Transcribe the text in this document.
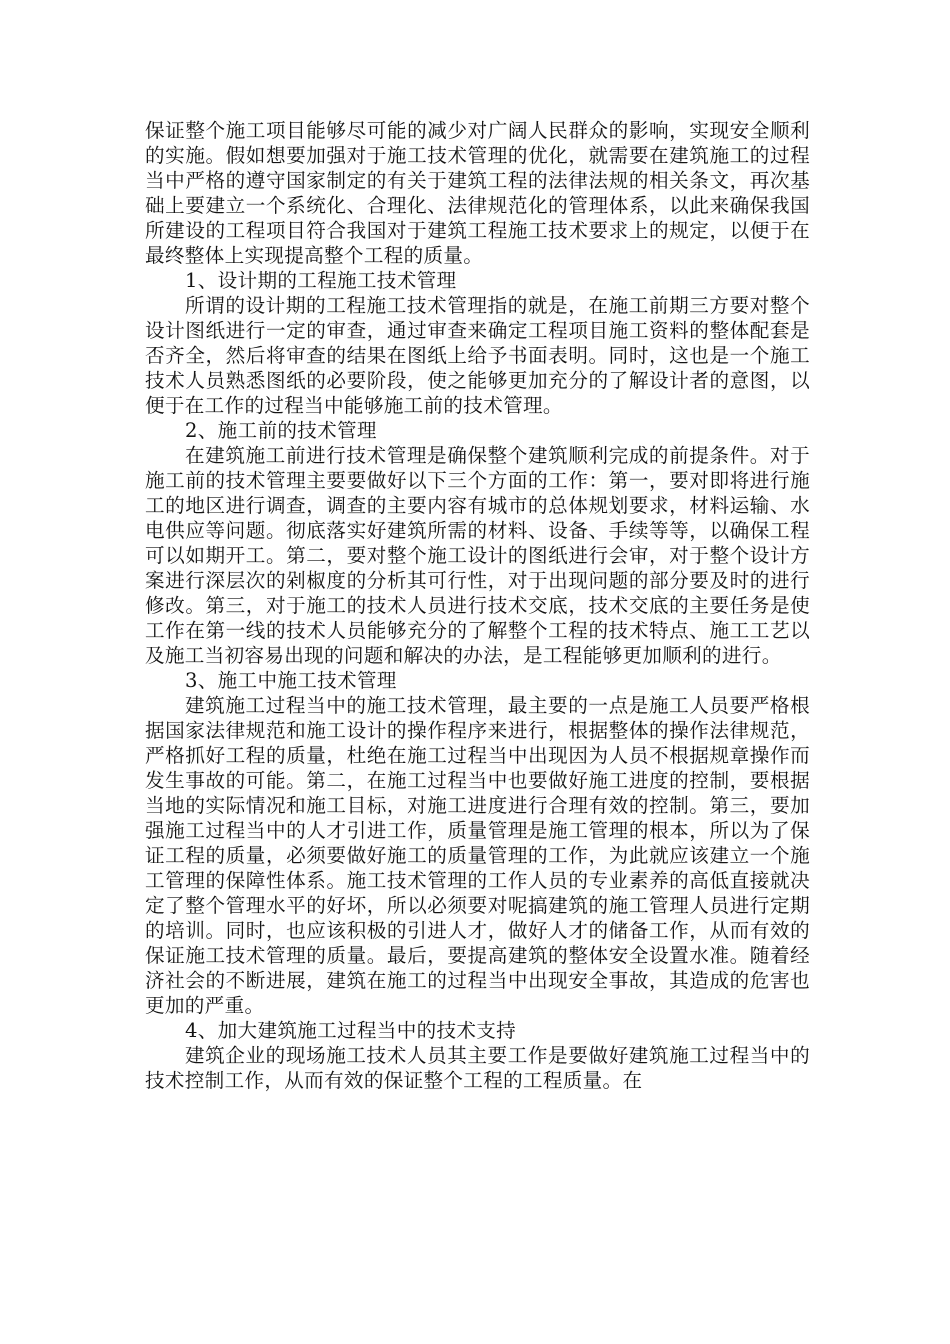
保证整个施工项目能够尽可能的减少对广阔人民群众的影响，实现安全顺利的实施。假如想要加强对于施工技术管理的优化，就需要在建筑施工的过程当中严格的遵守国家制定的有关于建筑工程的法律法规的相关条文，再次基础上要建立一个系统化、合理化、法律规范化的管理体系，以此来确保我国所建设的工程项目符合我国对于建筑工程施工技术要求上的规定，以便于在最终整体上实现提高整个工程的质量。

1、设计期的工程施工技术管理

所谓的设计期的工程施工技术管理指的就是，在施工前期三方要对整个设计图纸进行一定的审查，通过审查来确定工程项目施工资料的整体配套是否齐全，然后将审查的结果在图纸上给予书面表明。同时，这也是一个施工技术人员熟悉图纸的必要阶段，使之能够更加充分的了解设计者的意图，以便于在工作的过程当中能够施工前的技术管理。

2、施工前的技术管理

在建筑施工前进行技术管理是确保整个建筑顺利完成的前提条件。对于施工前的技术管理主要要做好以下三个方面的工作：第一，要对即将进行施工的地区进行调查，调查的主要内容有城市的总体规划要求，材料运输、水电供应等问题。彻底落实好建筑所需的材料、设备、手续等等，以确保工程可以如期开工。第二，要对整个施工设计的图纸进行会审，对于整个设计方案进行深层次的剁椒度的分析其可行性，对于出现问题的部分要及时的进行修改。第三，对于施工的技术人员进行技术交底，技术交底的主要任务是使工作在第一线的技术人员能够充分的了解整个工程的技术特点、施工工艺以及施工当初容易出现的问题和解决的办法，是工程能够更加顺利的进行。

3、施工中施工技术管理

建筑施工过程当中的施工技术管理，最主要的一点是施工人员要严格根据国家法律规范和施工设计的操作程序来进行，根据整体的操作法律规范，严格抓好工程的质量，杜绝在施工过程当中出现因为人员不根据规章操作而发生事故的可能。第二，在施工过程当中也要做好施工进度的控制，要根据当地的实际情况和施工目标，对施工进度进行合理有效的控制。第三，要加强施工过程当中的人才引进工作，质量管理是施工管理的根本，所以为了保证工程的质量，必须要做好施工的质量管理的工作，为此就应该建立一个施工管理的保障性体系。施工技术管理的工作人员的专业素养的高低直接就决定了整个管理水平的好坏，所以必须要对呢搞建筑的施工管理人员进行定期的培训。同时，也应该积极的引进人才，做好人才的储备工作，从而有效的保证施工技术管理的质量。最后，要提高建筑的整体安全设置水准。随着经济社会的不断进展，建筑在施工的过程当中出现安全事故，其造成的危害也更加的严重。

4、加大建筑施工过程当中的技术支持

建筑企业的现场施工技术人员其主要工作是要做好建筑施工过程当中的技术控制工作，从而有效的保证整个工程的工程质量。在
